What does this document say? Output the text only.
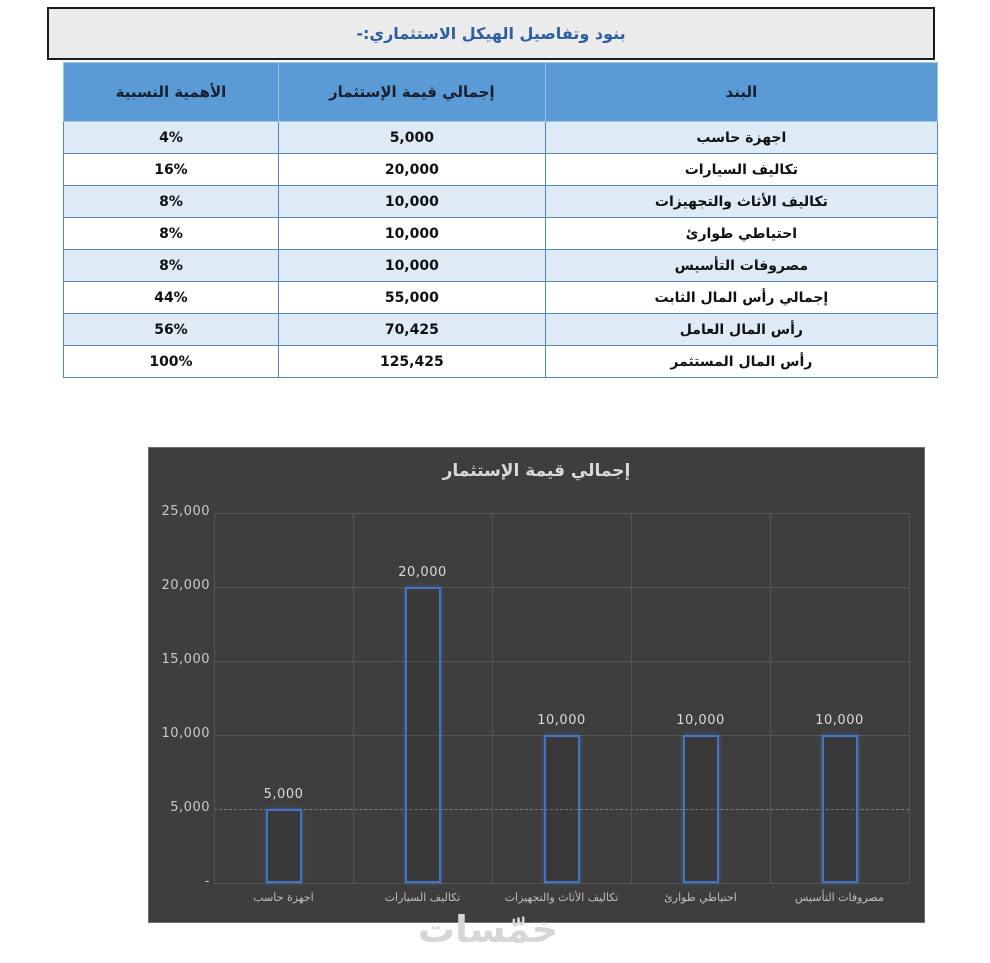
بنود وتفاصيل الهيكل الاستثماري:-
البند	إجمالي قيمة الإستثمار	الأهمية النسبية
اجهزة حاسب	5,000	4%
تكاليف السيارات	20,000	16%
تكاليف الأثاث والتجهيزات	10,000	8%
احتياطي طوارئ	10,000	8%
مصروفات التأسيس	10,000	8%
إجمالي رأس المال الثابت	55,000	44%
رأس المال العامل	70,425	56%
رأس المال المستثمر	125,425	100%
إجمالي قيمة الإستثمار
5,000
20,000
10,000	10,000	10,000
اجهزة حاسب	تكاليف السيارات	تكاليف الأثاث والتجهيزات	احتياطي طوارئ	مصروفات التأسيس
25,000
20,000
15,000
10,000
5,000
-
خمّسات
